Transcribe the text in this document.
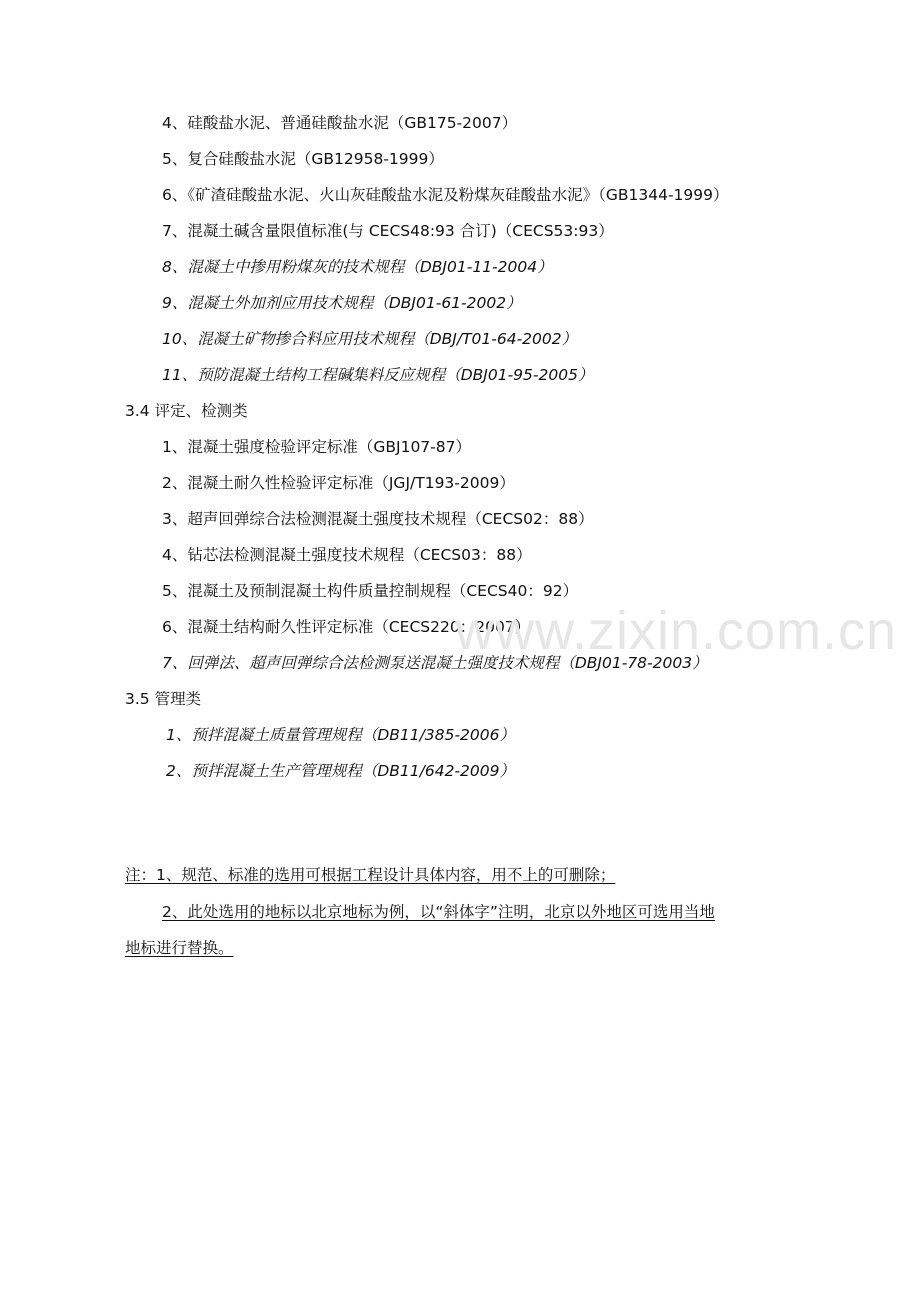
4、硅酸盐水泥、普通硅酸盐水泥（GB175-2007）
5、复合硅酸盐水泥（GB12958-1999）
6、《矿渣硅酸盐水泥、火山灰硅酸盐水泥及粉煤灰硅酸盐水泥》（GB1344-1999）
7、混凝土碱含量限值标准(与 CECS48:93 合订)（CECS53:93）
8、混凝土中掺用粉煤灰的技术规程（DBJ01-11-2004）
9、混凝土外加剂应用技术规程（DBJ01-61-2002）
10、混凝土矿物掺合料应用技术规程（DBJ/T01-64-2002）
11、预防混凝土结构工程碱集料反应规程（DBJ01-95-2005）
3.4 评定、检测类
1、混凝土强度检验评定标准（GBJ107-87）
2、混凝土耐久性检验评定标准（JGJ/T193-2009）
3、超声回弹综合法检测混凝土强度技术规程（CECS02：88）
4、钻芯法检测混凝土强度技术规程（CECS03：88）
5、混凝土及预制混凝土构件质量控制规程（CECS40：92）
6、混凝土结构耐久性评定标准（CECS220：2007）
7、回弹法、超声回弹综合法检测泵送混凝土强度技术规程（DBJ01-78-2003）
3.5 管理类
1、预拌混凝土质量管理规程（DB11/385-2006）
2、预拌混凝土生产管理规程（DB11/642-2009）
注：1、规范、标准的选用可根据工程设计具体内容，用不上的可删除；
2、此处选用的地标以北京地标为例，以“斜体字”注明，北京以外地区可选用当地
地标进行替换。
www.zixin.com.cn
